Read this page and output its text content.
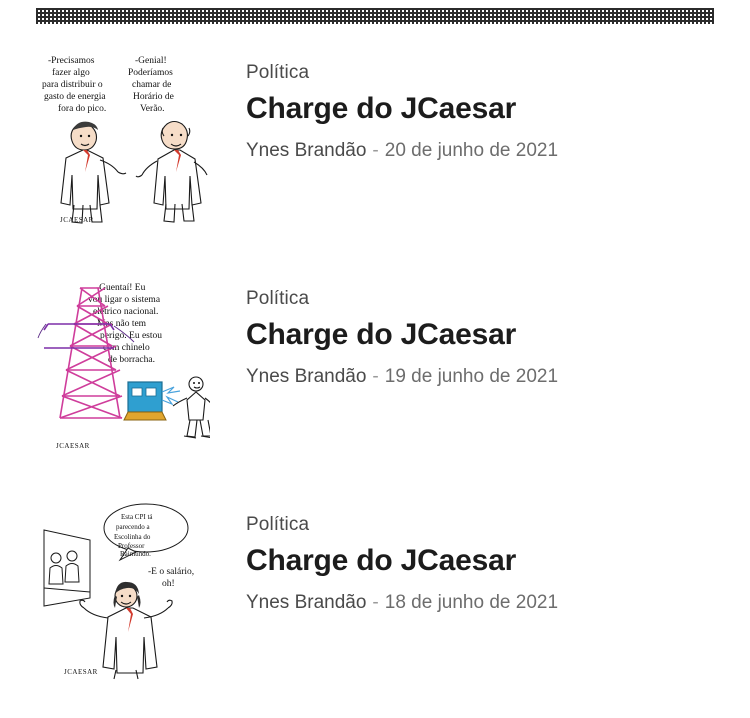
-Precisamos
fazer algo
para distribuir o
gasto de energia
fora do pico.
-Genial!
Poderíamos
chamar de
Horário de
Verão.
JCAESAR
Política
Charge do JCaesar
Ynes Brandão - 20 de junho de 2021
-Guentaí! Eu
vou ligar o sistema
elétrico nacional.
Mas não tem
perigo. Eu estou
com chinelo
de borracha.
JCAESAR
Política
Charge do JCaesar
Ynes Brandão - 19 de junho de 2021
Esta CPI tá
parecendo a
Escolinha do
Professor
Raimundo.
-E o salário,
oh!
JCAESAR
Política
Charge do JCaesar
Ynes Brandão - 18 de junho de 2021
